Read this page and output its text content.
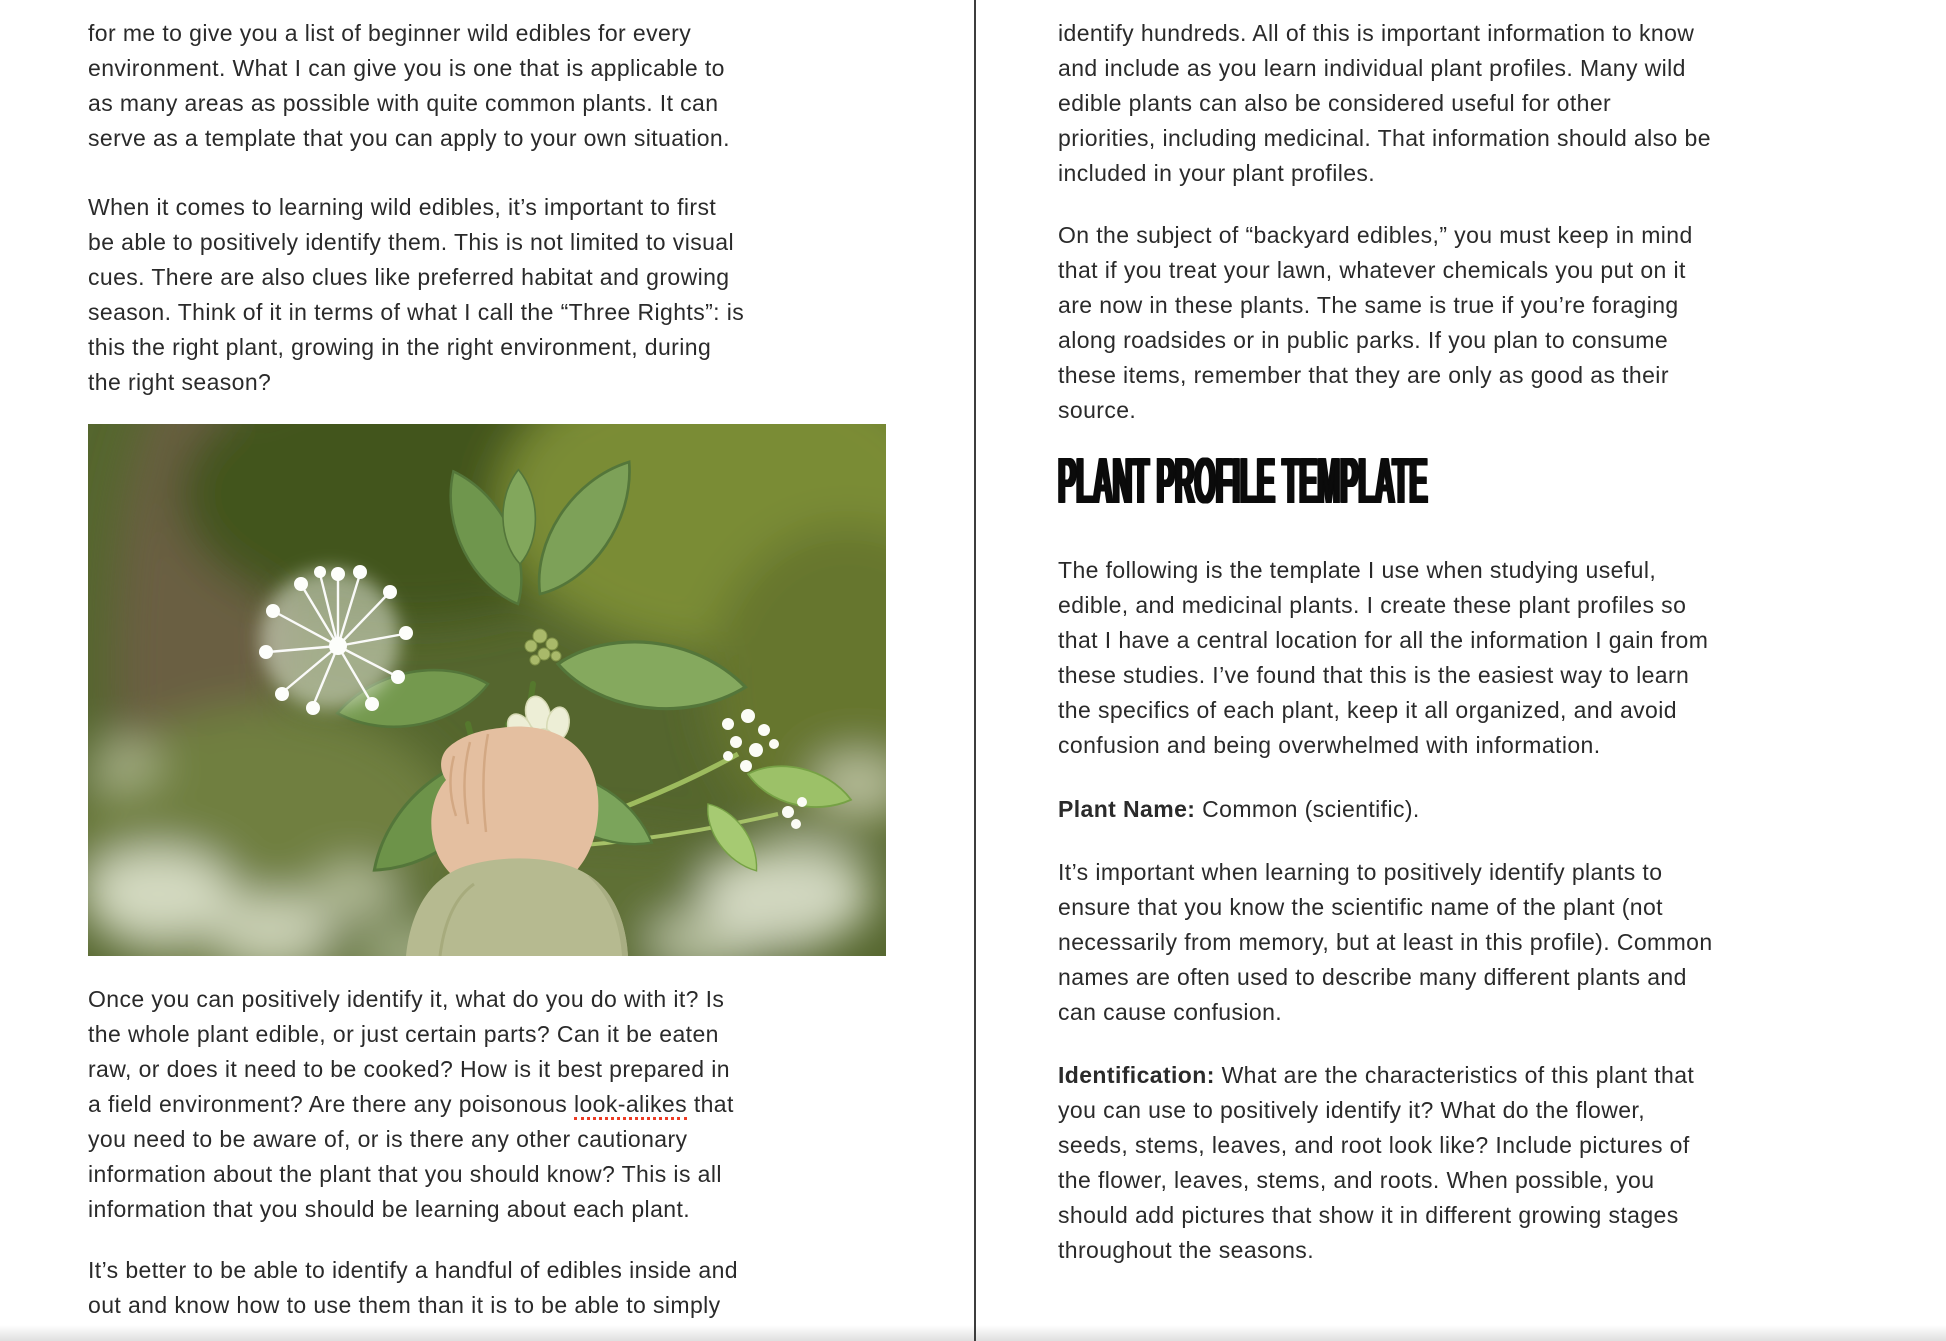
for me to give you a list of beginner wild edibles for every
environment. What I can give you is one that is applicable to
as many areas as possible with quite common plants. It can
serve as a template that you can apply to your own situation.
When it comes to learning wild edibles, it’s important to first
be able to positively identify them. This is not limited to visual
cues. There are also clues like preferred habitat and growing
season. Think of it in terms of what I call the “Three Rights”: is
this the right plant, growing in the right environment, during
the right season?
Once you can positively identify it, what do you do with it? Is
the whole plant edible, or just certain parts? Can it be eaten
raw, or does it need to be cooked? How is it best prepared in
a field environment? Are there any poisonous look-alikes that
you need to be aware of, or is there any other cautionary
information about the plant that you should know? This is all
information that you should be learning about each plant.
It’s better to be able to identify a handful of edibles inside and
out and know how to use them than it is to be able to simply
identify hundreds. All of this is important information to know
and include as you learn individual plant profiles. Many wild
edible plants can also be considered useful for other
priorities, including medicinal. That information should also be
included in your plant profiles.
On the subject of “backyard edibles,” you must keep in mind
that if you treat your lawn, whatever chemicals you put on it
are now in these plants. The same is true if you’re foraging
along roadsides or in public parks. If you plan to consume
these items, remember that they are only as good as their
source.
PLANT PROFILE TEMPLATE
The following is the template I use when studying useful,
edible, and medicinal plants. I create these plant profiles so
that I have a central location for all the information I gain from
these studies. I’ve found that this is the easiest way to learn
the specifics of each plant, keep it all organized, and avoid
confusion and being overwhelmed with information.
Plant Name: Common (scientific).
It’s important when learning to positively identify plants to
ensure that you know the scientific name of the plant (not
necessarily from memory, but at least in this profile). Common
names are often used to describe many different plants and
can cause confusion.
Identification: What are the characteristics of this plant that
you can use to positively identify it? What do the flower,
seeds, stems, leaves, and root look like? Include pictures of
the flower, leaves, stems, and roots. When possible, you
should add pictures that show it in different growing stages
throughout the seasons.
